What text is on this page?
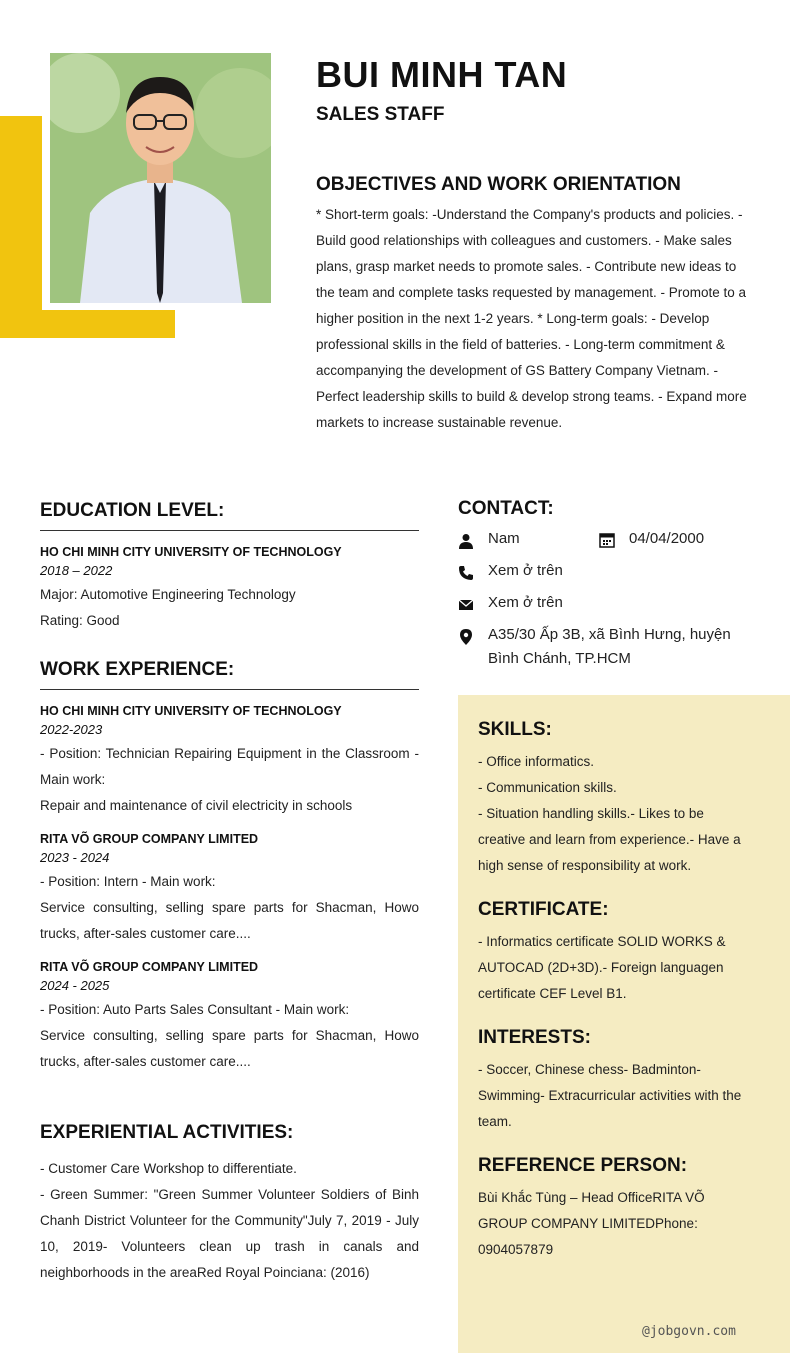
BUI MINH TAN
SALES STAFF
OBJECTIVES AND WORK ORIENTATION
* Short-term goals: -Understand the Company's products and policies. - Build good relationships with colleagues and customers. - Make sales plans, grasp market needs to promote sales. - Contribute new ideas to the team and complete tasks requested by management. - Promote to a higher position in the next 1-2 years. * Long-term goals: - Develop professional skills in the field of batteries. - Long-term commitment & accompanying the development of GS Battery Company Vietnam. - Perfect leadership skills to build & develop strong teams. - Expand more markets to increase sustainable revenue.
EDUCATION LEVEL:
HO CHI MINH CITY UNIVERSITY OF TECHNOLOGY
2018 – 2022
Major: Automotive Engineering Technology
Rating: Good
WORK EXPERIENCE:
HO CHI MINH CITY UNIVERSITY OF TECHNOLOGY
2022-2023
- Position: Technician Repairing Equipment in the Classroom -Main work:
Repair and maintenance of civil electricity in schools
RITA VÕ GROUP COMPANY LIMITED
2023 - 2024
- Position: Intern - Main work:
Service consulting, selling spare parts for Shacman, Howo trucks, after-sales customer care....
RITA VÕ GROUP COMPANY LIMITED
2024 - 2025
- Position: Auto Parts Sales Consultant - Main work:
Service consulting, selling spare parts for Shacman, Howo trucks, after-sales customer care....
EXPERIENTIAL ACTIVITIES:
- Customer Care Workshop to differentiate.
- Green Summer: "Green Summer Volunteer Soldiers of Binh Chanh District Volunteer for the Community"July 7, 2019 - July 10, 2019- Volunteers clean up trash in canals and neighborhoods in the areaRed Royal Poinciana: (2016)
CONTACT:
Nam	04/04/2000
Xem ở trên
Xem ở trên
A35/30 Ấp 3B, xã Bình Hưng, huyện Bình Chánh, TP.HCM
SKILLS:
- Office informatics.
- Communication skills.
- Situation handling skills.- Likes to be creative and learn from experience.- Have a high sense of responsibility at work.
CERTIFICATE:
- Informatics certificate SOLID WORKS & AUTOCAD (2D+3D).- Foreign languagen certificate CEF Level B1.
INTERESTS:
- Soccer, Chinese chess- Badminton- Swimming- Extracurricular activities with the team.
REFERENCE PERSON:
Bùi Khắc Tùng – Head OfficeRITA VÕ GROUP COMPANY LIMITEDPhone: 0904057879
@jobgovn.com
